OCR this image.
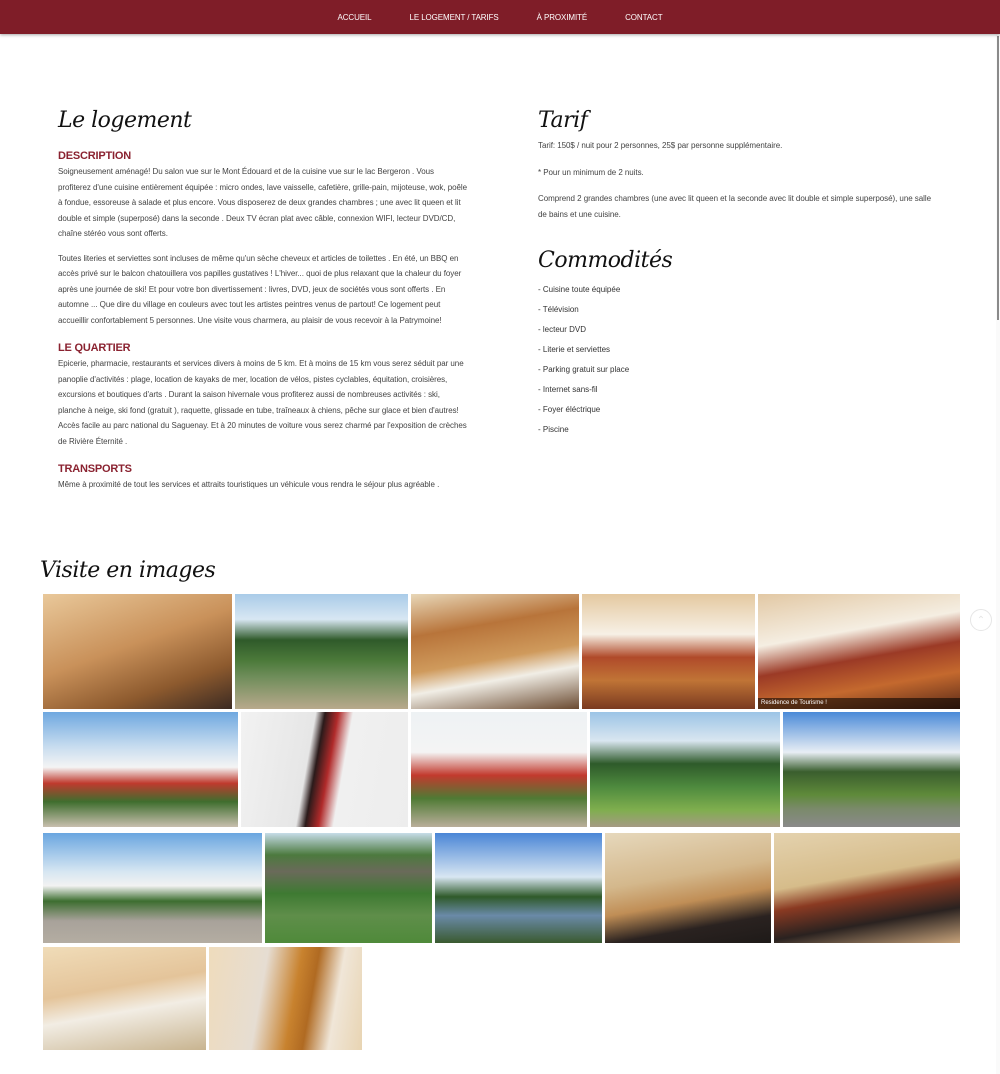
ACCUEIL	LE LOGEMENT / TARIFS	À PROXIMITÉ	CONTACT
Le logement
DESCRIPTION

Soigneusement aménagé! Du salon vue sur le Mont Édouard et de la cuisine vue sur le lac Bergeron . Vous profiterez d'une cuisine entièrement équipée : micro ondes, lave vaisselle, cafetière, grille-pain, mijoteuse, wok, poêle à fondue, essoreuse à salade et plus encore. Vous disposerez de deux grandes chambres ; une avec lit queen et lit double et simple (superposé) dans la seconde . Deux TV écran plat avec câble, connexion WIFI, lecteur DVD/CD, chaîne stéréo vous sont offerts.

Toutes literies et serviettes sont incluses de même qu'un sèche cheveux et articles de toilettes . En été, un BBQ en accès privé sur le balcon chatouillera vos papilles gustatives ! L'hiver... quoi de plus relaxant que la chaleur du foyer après une journée de ski! Et pour votre bon divertissement : livres, DVD, jeux de sociétés vous sont offerts . En automne ... Que dire du village en couleurs avec tout les artistes peintres venus de partout! Ce logement peut accueillir confortablement 5 personnes. Une visite vous charmera, au plaisir de vous recevoir à la Patrymoine!

LE QUARTIER

Epicerie, pharmacie, restaurants et services divers à moins de 5 km. Et à moins de 15 km vous serez séduit par une panoplie d'activités : plage, location de kayaks de mer, location de vélos, pistes cyclables, équitation, croisières, excursions et boutiques d'arts . Durant la saison hivernale vous profiterez aussi de nombreuses activités : ski, planche à neige, ski fond (gratuit ), raquette, glissade en tube, traîneaux à chiens, pêche sur glace et bien d'autres! Accès facile au parc national du Saguenay. Et à 20 minutes de voiture vous serez charmé par l'exposition de crèches de Rivière Éternité .

TRANSPORTS

Même à proximité de tout les services et attraits touristiques un véhicule vous rendra le séjour plus agréable .

Tarif

Tarif: 150$ / nuit pour 2 personnes, 25$ par personne supplémentaire.

* Pour un minimum de 2 nuits.

Comprend 2 grandes chambres (une avec lit queen et la seconde avec lit double et simple superposé), une salle de bains et une cuisine.

Commodités
- Cuisine toute équipée
- Télévision
- lecteur DVD
- Literie et serviettes
- Parking gratuit sur place
- Internet sans-fil
- Foyer éléctrique
- Piscine
Visite en images
Residence de Tourisme !
⌃
